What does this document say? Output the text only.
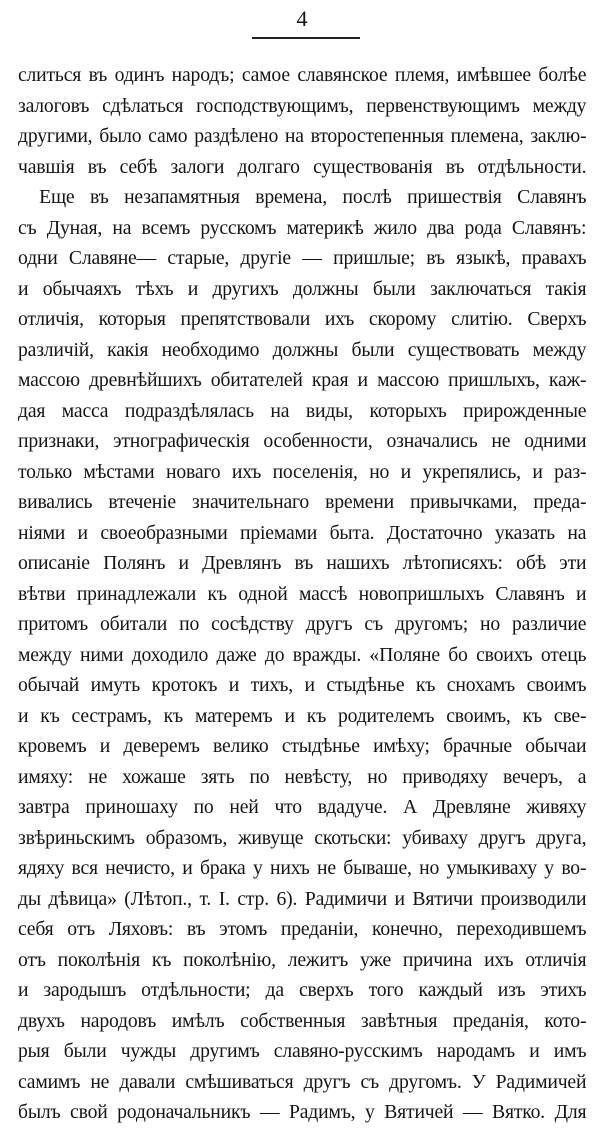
4
слиться въ одинъ народъ; самое славянское племя, имѣвшее болѣе
залоговъ сдѣлаться господствующимъ, первенствующимъ между
другими, было само раздѣлено на второстепенныя племена, заклю-
чавшія въ себѣ залоги долгаго существованія въ отдѣльности.
Еще въ незапамятныя времена, послѣ пришествія Славянъ
съ Дуная, на всемъ русскомъ материкѣ жило два рода Славянъ:
одни Славяне— старые, другіе — пришлые; въ языкѣ, правахъ
и обычаяхъ тѣхъ и другихъ должны были заключаться такія
отличія, которыя препятствовали ихъ скорому слитію. Сверхъ
различій, какія необходимо должны были существовать между
массою древнѣйшихъ обитателей края и массою пришлыхъ, каж-
дая масса подраздѣлялась на виды, которыхъ прирожденные
признаки, этнографическія особенности, означались не одними
только мѣстами новаго ихъ поселенія, но и укрепялись, и раз-
вивались втеченіе значительнаго времени привычками, преда-
ніями и своеобразными пріемами быта. Достаточно указать на
описаніе Полянъ и Древлянъ въ нашихъ лѣтописяхъ: обѣ эти
вѣтви принадлежали къ одной массѣ новопришлыхъ Славянъ и
притомъ обитали по сосѣдству другъ съ другомъ; но различие
между ними доходило даже до вражды. «Поляне бо своихъ отець
обычай имуть кротокъ и тихъ, и стыдѣнье къ снохамъ своимъ
и къ сестрамъ, къ матеремъ и къ родителемъ своимъ, къ све-
кровемъ и деверемъ велико стыдѣнье имѣху; брачные обычаи
имяху: не хожаше зять по невѣсту, но приводяху вечеръ, а
завтра приношаху по ней что вдадуче. А Древляне живяху
звѣриньскимъ образомъ, живуще скотьски: убиваху другъ друга,
ядяху вся нечисто, и брака у нихъ не бываше, но умыкиваху у во-
ды дѣвица» (Лѣтоп., т. I. стр. 6). Радимичи и Вятичи производили
себя отъ Ляховъ: въ этомъ преданіи, конечно, переходившемъ
отъ поколѣнія къ поколѣнію, лежитъ уже причина ихъ отличія
и зародышъ отдѣльности; да сверхъ того каждый изъ этихъ
двухъ народовъ имѣлъ собственныя завѣтныя преданія, кото-
рыя были чужды другимъ славяно-русскимъ народамъ и имъ
самимъ не давали смѣшиваться другъ съ другомъ. У Радимичей
былъ свой родоначальникъ — Радимъ, у Вятичей — Вятко. Для
